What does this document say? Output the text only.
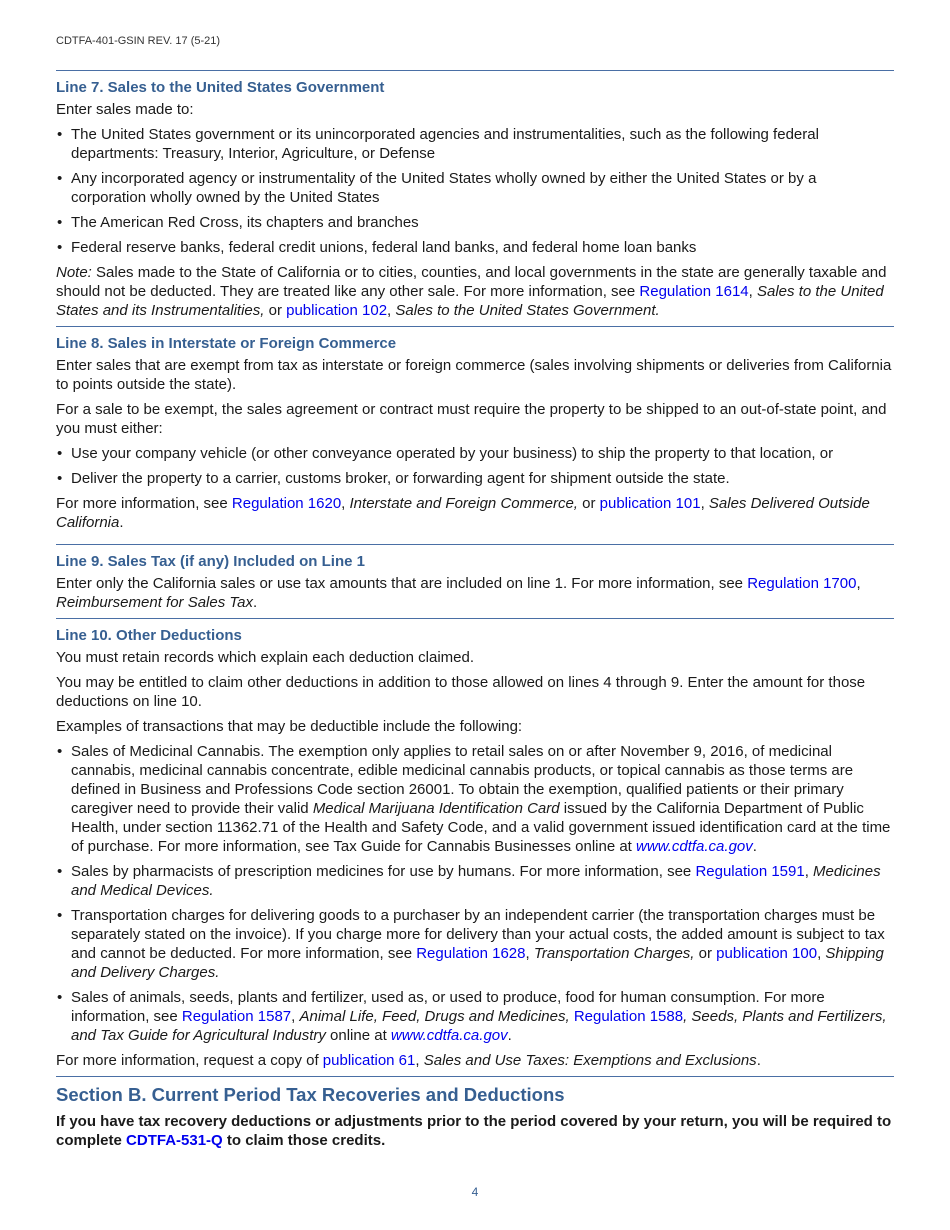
CDTFA-401-GSIN REV. 17 (5-21)
Line 7. Sales to the United States Government

Enter sales made to:

• The United States government or its unincorporated agencies and instrumentalities, such as the following federal departments: Treasury, Interior, Agriculture, or Defense
• Any incorporated agency or instrumentality of the United States wholly owned by either the United States or by a corporation wholly owned by the United States
• The American Red Cross, its chapters and branches
• Federal reserve banks, federal credit unions, federal land banks, and federal home loan banks

Note: Sales made to the State of California or to cities, counties, and local governments in the state are generally taxable and should not be deducted. They are treated like any other sale. For more information, see Regulation 1614, Sales to the United States and its Instrumentalities, or publication 102, Sales to the United States Government.

Line 8. Sales in Interstate or Foreign Commerce

Enter sales that are exempt from tax as interstate or foreign commerce (sales involving shipments or deliveries from California to points outside the state).

For a sale to be exempt, the sales agreement or contract must require the property to be shipped to an out-of-state point, and you must either:

• Use your company vehicle (or other conveyance operated by your business) to ship the property to that location, or
• Deliver the property to a carrier, customs broker, or forwarding agent for shipment outside the state.

For more information, see Regulation 1620, Interstate and Foreign Commerce, or publication 101, Sales Delivered Outside California.

Line 9. Sales Tax (if any) Included on Line 1

Enter only the California sales or use tax amounts that are included on line 1. For more information, see Regulation 1700, Reimbursement for Sales Tax.

Line 10. Other Deductions

You must retain records which explain each deduction claimed.

You may be entitled to claim other deductions in addition to those allowed on lines 4 through 9. Enter the amount for those deductions on line 10.

Examples of transactions that may be deductible include the following:

• Sales of Medicinal Cannabis. The exemption only applies to retail sales on or after November 9, 2016, of medicinal cannabis, medicinal cannabis concentrate, edible medicinal cannabis products, or topical cannabis as those terms are defined in Business and Professions Code section 26001. To obtain the exemption, qualified patients or their primary caregiver need to provide their valid Medical Marijuana Identification Card issued by the California Department of Public Health, under section 11362.71 of the Health and Safety Code, and a valid government issued identification card at the time of purchase. For more information, see Tax Guide for Cannabis Businesses online at www.cdtfa.ca.gov.
• Sales by pharmacists of prescription medicines for use by humans. For more information, see Regulation 1591, Medicines and Medical Devices.
• Transportation charges for delivering goods to a purchaser by an independent carrier (the transportation charges must be separately stated on the invoice). If you charge more for delivery than your actual costs, the added amount is subject to tax and cannot be deducted. For more information, see Regulation 1628, Transportation Charges, or publication 100, Shipping and Delivery Charges.
• Sales of animals, seeds, plants and fertilizer, used as, or used to produce, food for human consumption. For more information, see Regulation 1587, Animal Life, Feed, Drugs and Medicines, Regulation 1588, Seeds, Plants and Fertilizers, and Tax Guide for Agricultural Industry online at www.cdtfa.ca.gov.

For more information, request a copy of publication 61, Sales and Use Taxes: Exemptions and Exclusions.

Section B. Current Period Tax Recoveries and Deductions

If you have tax recovery deductions or adjustments prior to the period covered by your return, you will be required to complete CDTFA-531-Q to claim those credits.

4
